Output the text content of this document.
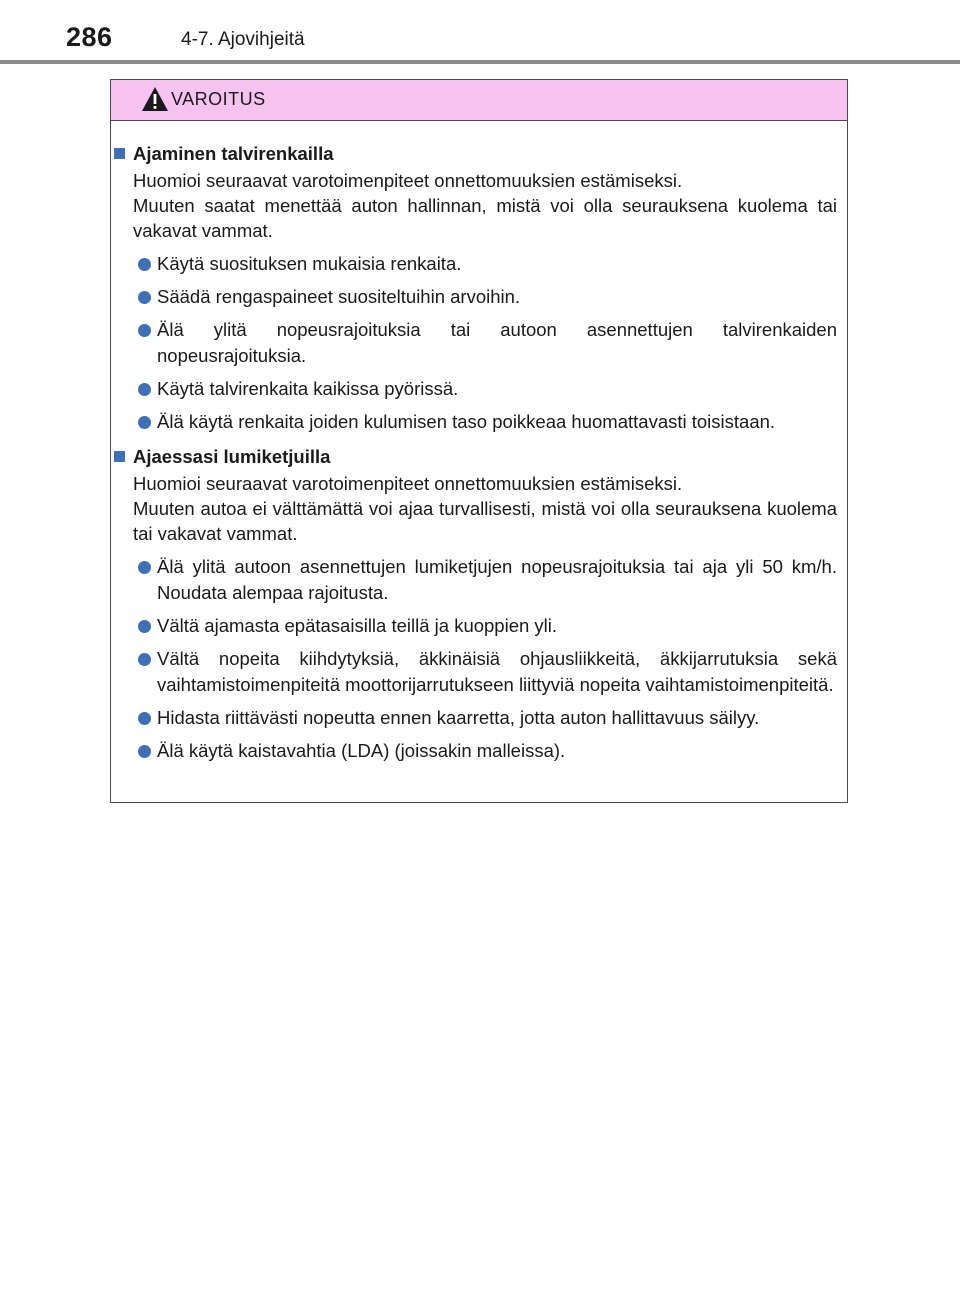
286	4-7. Ajovihjeitä
VAROITUS
Ajaminen talvirenkailla

Huomioi seuraavat varotoimenpiteet onnettomuuksien estämiseksi.

Muuten saatat menettää auton hallinnan, mistä voi olla seurauksena kuolema tai vakavat vammat.

Käytä suosituksen mukaisia renkaita.
Säädä rengaspaineet suositeltuihin arvoihin.
Älä ylitä nopeusrajoituksia tai autoon asennettujen talvirenkaiden nopeusrajoituksia.
Käytä talvirenkaita kaikissa pyörissä.
Älä käytä renkaita joiden kulumisen taso poikkeaa huomattavasti toisistaan.
Ajaessasi lumiketjuilla

Huomioi seuraavat varotoimenpiteet onnettomuuksien estämiseksi.

Muuten autoa ei välttämättä voi ajaa turvallisesti, mistä voi olla seurauksena kuolema tai vakavat vammat.

Älä ylitä autoon asennettujen lumiketjujen nopeusrajoituksia tai aja yli 50 km/h. Noudata alempaa rajoitusta.
Vältä ajamasta epätasaisilla teillä ja kuoppien yli.
Vältä nopeita kiihdytyksiä, äkkinäisiä ohjausliikkeitä, äkkijarrutuksia sekä vaihtamistoimenpiteitä moottorijarrutukseen liittyviä nopeita vaihtamistoimenpiteitä.
Hidasta riittävästi nopeutta ennen kaarretta, jotta auton hallittavuus säilyy.
Älä käytä kaistavahtia (LDA) (joissakin malleissa).
